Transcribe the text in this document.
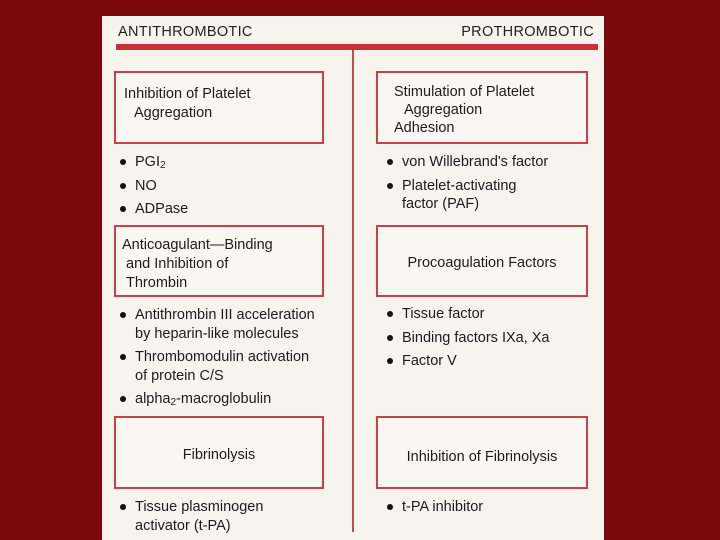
ANTITHROMBOTIC	PROTHROMBOTIC
Inhibition of Platelet
Aggregation
$PGI_2$
NO
ADPase
Anticoagulant—Binding
and Inhibition of
Thrombin
Antithrombin III acceleration
by heparin-like molecules
Thrombomodulin activation
of protein C/S
alpha$_2$-macroglobulin
Fibrinolysis
Tissue plasminogen
activator (t-PA)
Stimulation of Platelet
Aggregation
Adhesion
von Willebrand's factor
Platelet-activating
factor (PAF)
Procoagulation Factors
Tissue factor
Binding factors IXa, Xa
Factor V
Inhibition of Fibrinolysis
t-PA inhibitor
